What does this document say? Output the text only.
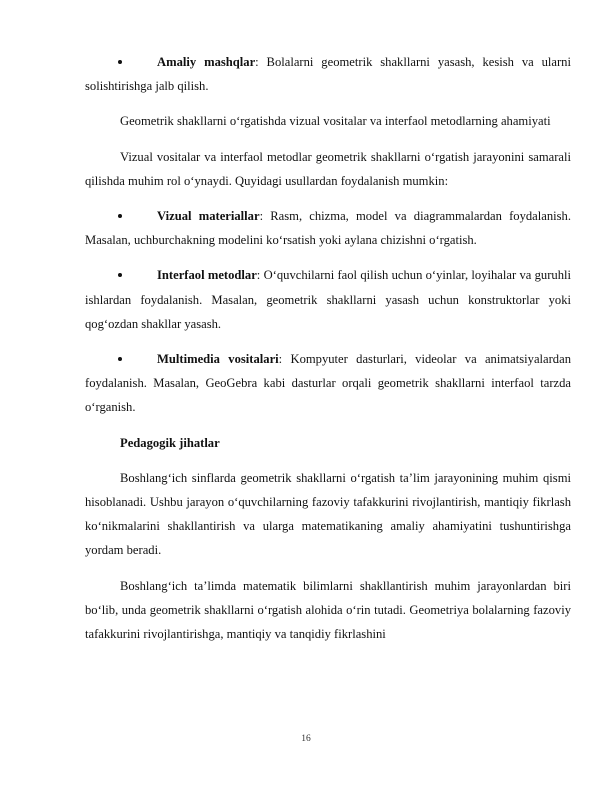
Amaliy mashqlar: Bolalarni geometrik shakllarni yasash, kesish va ularni solishtirishga jalb qilish.

Geometrik shakllarni o‘rgatishda vizual vositalar va interfaol metodlarning ahamiyati

Vizual vositalar va interfaol metodlar geometrik shakllarni o‘rgatish jarayonini samarali qilishda muhim rol o‘ynaydi. Quyidagi usullardan foydalanish mumkin:

Vizual materiallar: Rasm, chizma, model va diagrammalardan foydalanish. Masalan, uchburchakning modelini ko‘rsatish yoki aylana chizishni o‘rgatish.

Interfaol metodlar: O‘quvchilarni faol qilish uchun o‘yinlar, loyihalar va guruhli ishlardan foydalanish. Masalan, geometrik shakllarni yasash uchun konstruktorlar yoki qog‘ozdan shakllar yasash.

Multimedia vositalari: Kompyuter dasturlari, videolar va animatsiyalardan foydalanish. Masalan, GeoGebra kabi dasturlar orqali geometrik shakllarni interfaol tarzda o‘rganish.

Pedagogik jihatlar

Boshlang‘ich sinflarda geometrik shakllarni o‘rgatish ta’lim jarayonining muhim qismi hisoblanadi. Ushbu jarayon o‘quvchilarning fazoviy tafakkurini rivojlantirish, mantiqiy fikrlash ko‘nikmalarini shakllantirish va ularga matematikaning amaliy ahamiyatini tushuntirishga yordam beradi.

Boshlang‘ich ta’limda matematik bilimlarni shakllantirish muhim jarayonlardan biri bo‘lib, unda geometrik shakllarni o‘rgatish alohida o‘rin tutadi. Geometriya bolalarning fazoviy tafakkurini rivojlantirishga, mantiqiy va tanqidiy fikrlashini

16
